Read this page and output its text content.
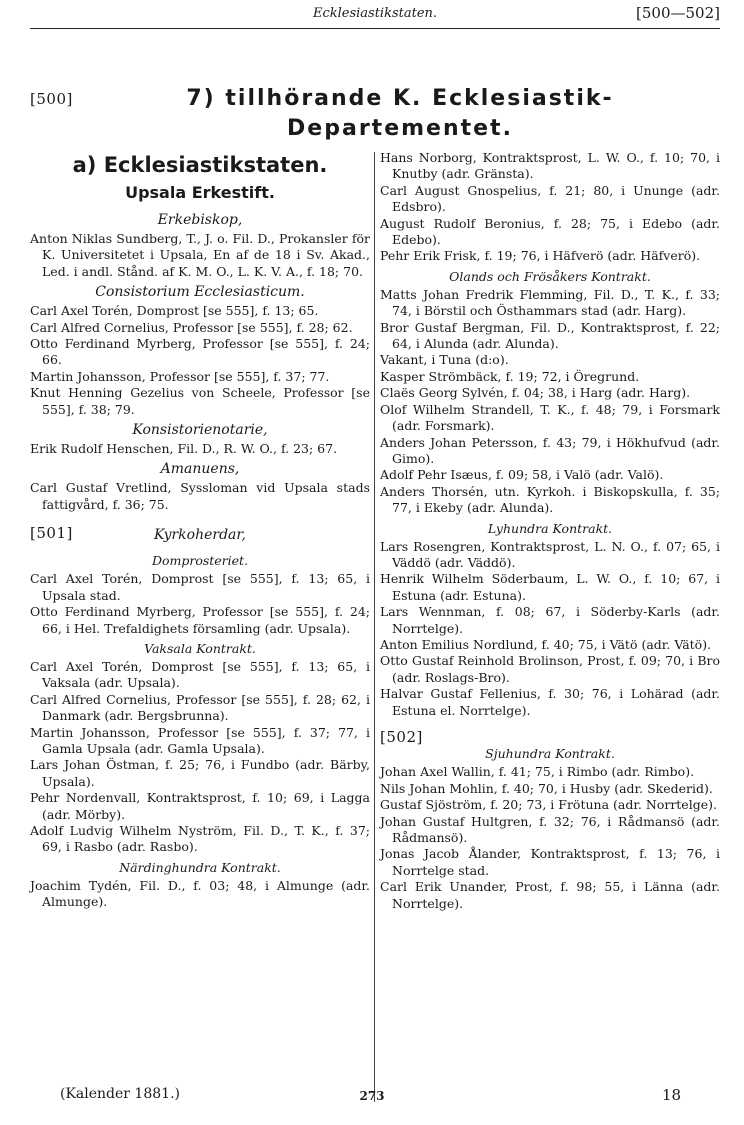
Ecklesiastikstaten.	[500—502]
[500]	7) tillhörande K. Ecklesiastik-
Departementet.
a) Ecklesiastikstaten.
Upsala Erkestift.
Erkebiskop,
Anton Niklas Sundberg, T., J. o. Fil. D., Prokansler för K. Universitetet i Upsala, En af de 18 i Sv. Akad., Led. i andl. Stånd. af K. M. O., L. K. V. A., f. 18; 70.
Consistorium Ecclesiasticum.
Carl Axel Torén, Domprost [se 555], f. 13; 65.
Carl Alfred Cornelius, Professor [se 555], f. 28; 62.
Otto Ferdinand Myrberg, Professor [se 555], f. 24; 66.
Martin Johansson, Professor [se 555], f. 37; 77.
Knut Henning Gezelius von Scheele, Professor [se 555], f. 38; 79.
Konsistorienotarie,
Erik Rudolf Henschen, Fil. D., R. W. O., f. 23; 67.
Amanuens,
Carl Gustaf Vretlind, Syssloman vid Upsala stads fattigvård, f. 36; 75.
[501]	Kyrkoherdar,
Domprosteriet.
Carl Axel Torén, Domprost [se 555], f. 13; 65, i Upsala stad.
Otto Ferdinand Myrberg, Professor [se 555], f. 24; 66, i Hel. Trefaldighets församling (adr. Upsala).
Vaksala Kontrakt.
Carl Axel Torén, Domprost [se 555], f. 13; 65, i Vaksala (adr. Upsala).
Carl Alfred Cornelius, Professor [se 555], f. 28; 62, i Danmark (adr. Bergsbrunna).
Martin Johansson, Professor [se 555], f. 37; 77, i Gamla Upsala (adr. Gamla Upsala).
Lars Johan Östman, f. 25; 76, i Fundbo (adr. Bärby, Upsala).
Pehr Nordenvall, Kontraktsprost, f. 10; 69, i Lagga (adr. Mörby).
Adolf Ludvig Wilhelm Nyström, Fil. D., T. K., f. 37; 69, i Rasbo (adr. Rasbo).
Närdinghundra Kontrakt.
Joachim Tydén, Fil. D., f. 03; 48, i Almunge (adr. Almunge).
Hans Norborg, Kontraktsprost, L. W. O., f. 10; 70, i Knutby (adr. Gränsta).
Carl August Gnospelius, f. 21; 80, i Ununge (adr. Edsbro).
August Rudolf Beronius, f. 28; 75, i Edebo (adr. Edebo).
Pehr Erik Frisk, f. 19; 76, i Häfverö (adr. Häfverö).
Olands och Frösåkers Kontrakt.
Matts Johan Fredrik Flemming, Fil. D., T. K., f. 33; 74, i Börstil och Östhammars stad (adr. Harg).
Bror Gustaf Bergman, Fil. D., Kontraktsprost, f. 22; 64, i Alunda (adr. Alunda).
Vakant, i Tuna (d:o).
Kasper Strömbäck, f. 19; 72, i Öregrund.
Claës Georg Sylvén, f. 04; 38, i Harg (adr. Harg).
Olof Wilhelm Strandell, T. K., f. 48; 79, i Forsmark (adr. Forsmark).
Anders Johan Petersson, f. 43; 79, i Hökhufvud (adr. Gimo).
Adolf Pehr Isæus, f. 09; 58, i Valö (adr. Valö).
Anders Thorsén, utn. Kyrkoh. i Biskopskulla, f. 35; 77, i Ekeby (adr. Alunda).
Lyhundra Kontrakt.
Lars Rosengren, Kontraktsprost, L. N. O., f. 07; 65, i Väddö (adr. Väddö).
Henrik Wilhelm Söderbaum, L. W. O., f. 10; 67, i Estuna (adr. Estuna).
Lars Wennman, f. 08; 67, i Söderby-Karls (adr. Norrtelge).
Anton Emilius Nordlund, f. 40; 75, i Vätö (adr. Vätö).
Otto Gustaf Reinhold Brolinson, Prost, f. 09; 70, i Bro (adr. Roslags-Bro).
Halvar Gustaf Fellenius, f. 30; 76, i Lohärad (adr. Estuna el. Norrtelge).
[502]
Sjuhundra Kontrakt.
Johan Axel Wallin, f. 41; 75, i Rimbo (adr. Rimbo).
Nils Johan Mohlin, f. 40; 70, i Husby (adr. Skederid).
Gustaf Sjöström, f. 20; 73, i Frötuna (adr. Norrtelge).
Johan Gustaf Hultgren, f. 32; 76, i Rådmansö (adr. Rådmansö).
Jonas Jacob Ålander, Kontraktsprost, f. 13; 76, i Norrtelge stad.
Carl Erik Unander, Prost, f. 98; 55, i Länna (adr. Norrtelge).
(Kalender 1881.)	273	18
